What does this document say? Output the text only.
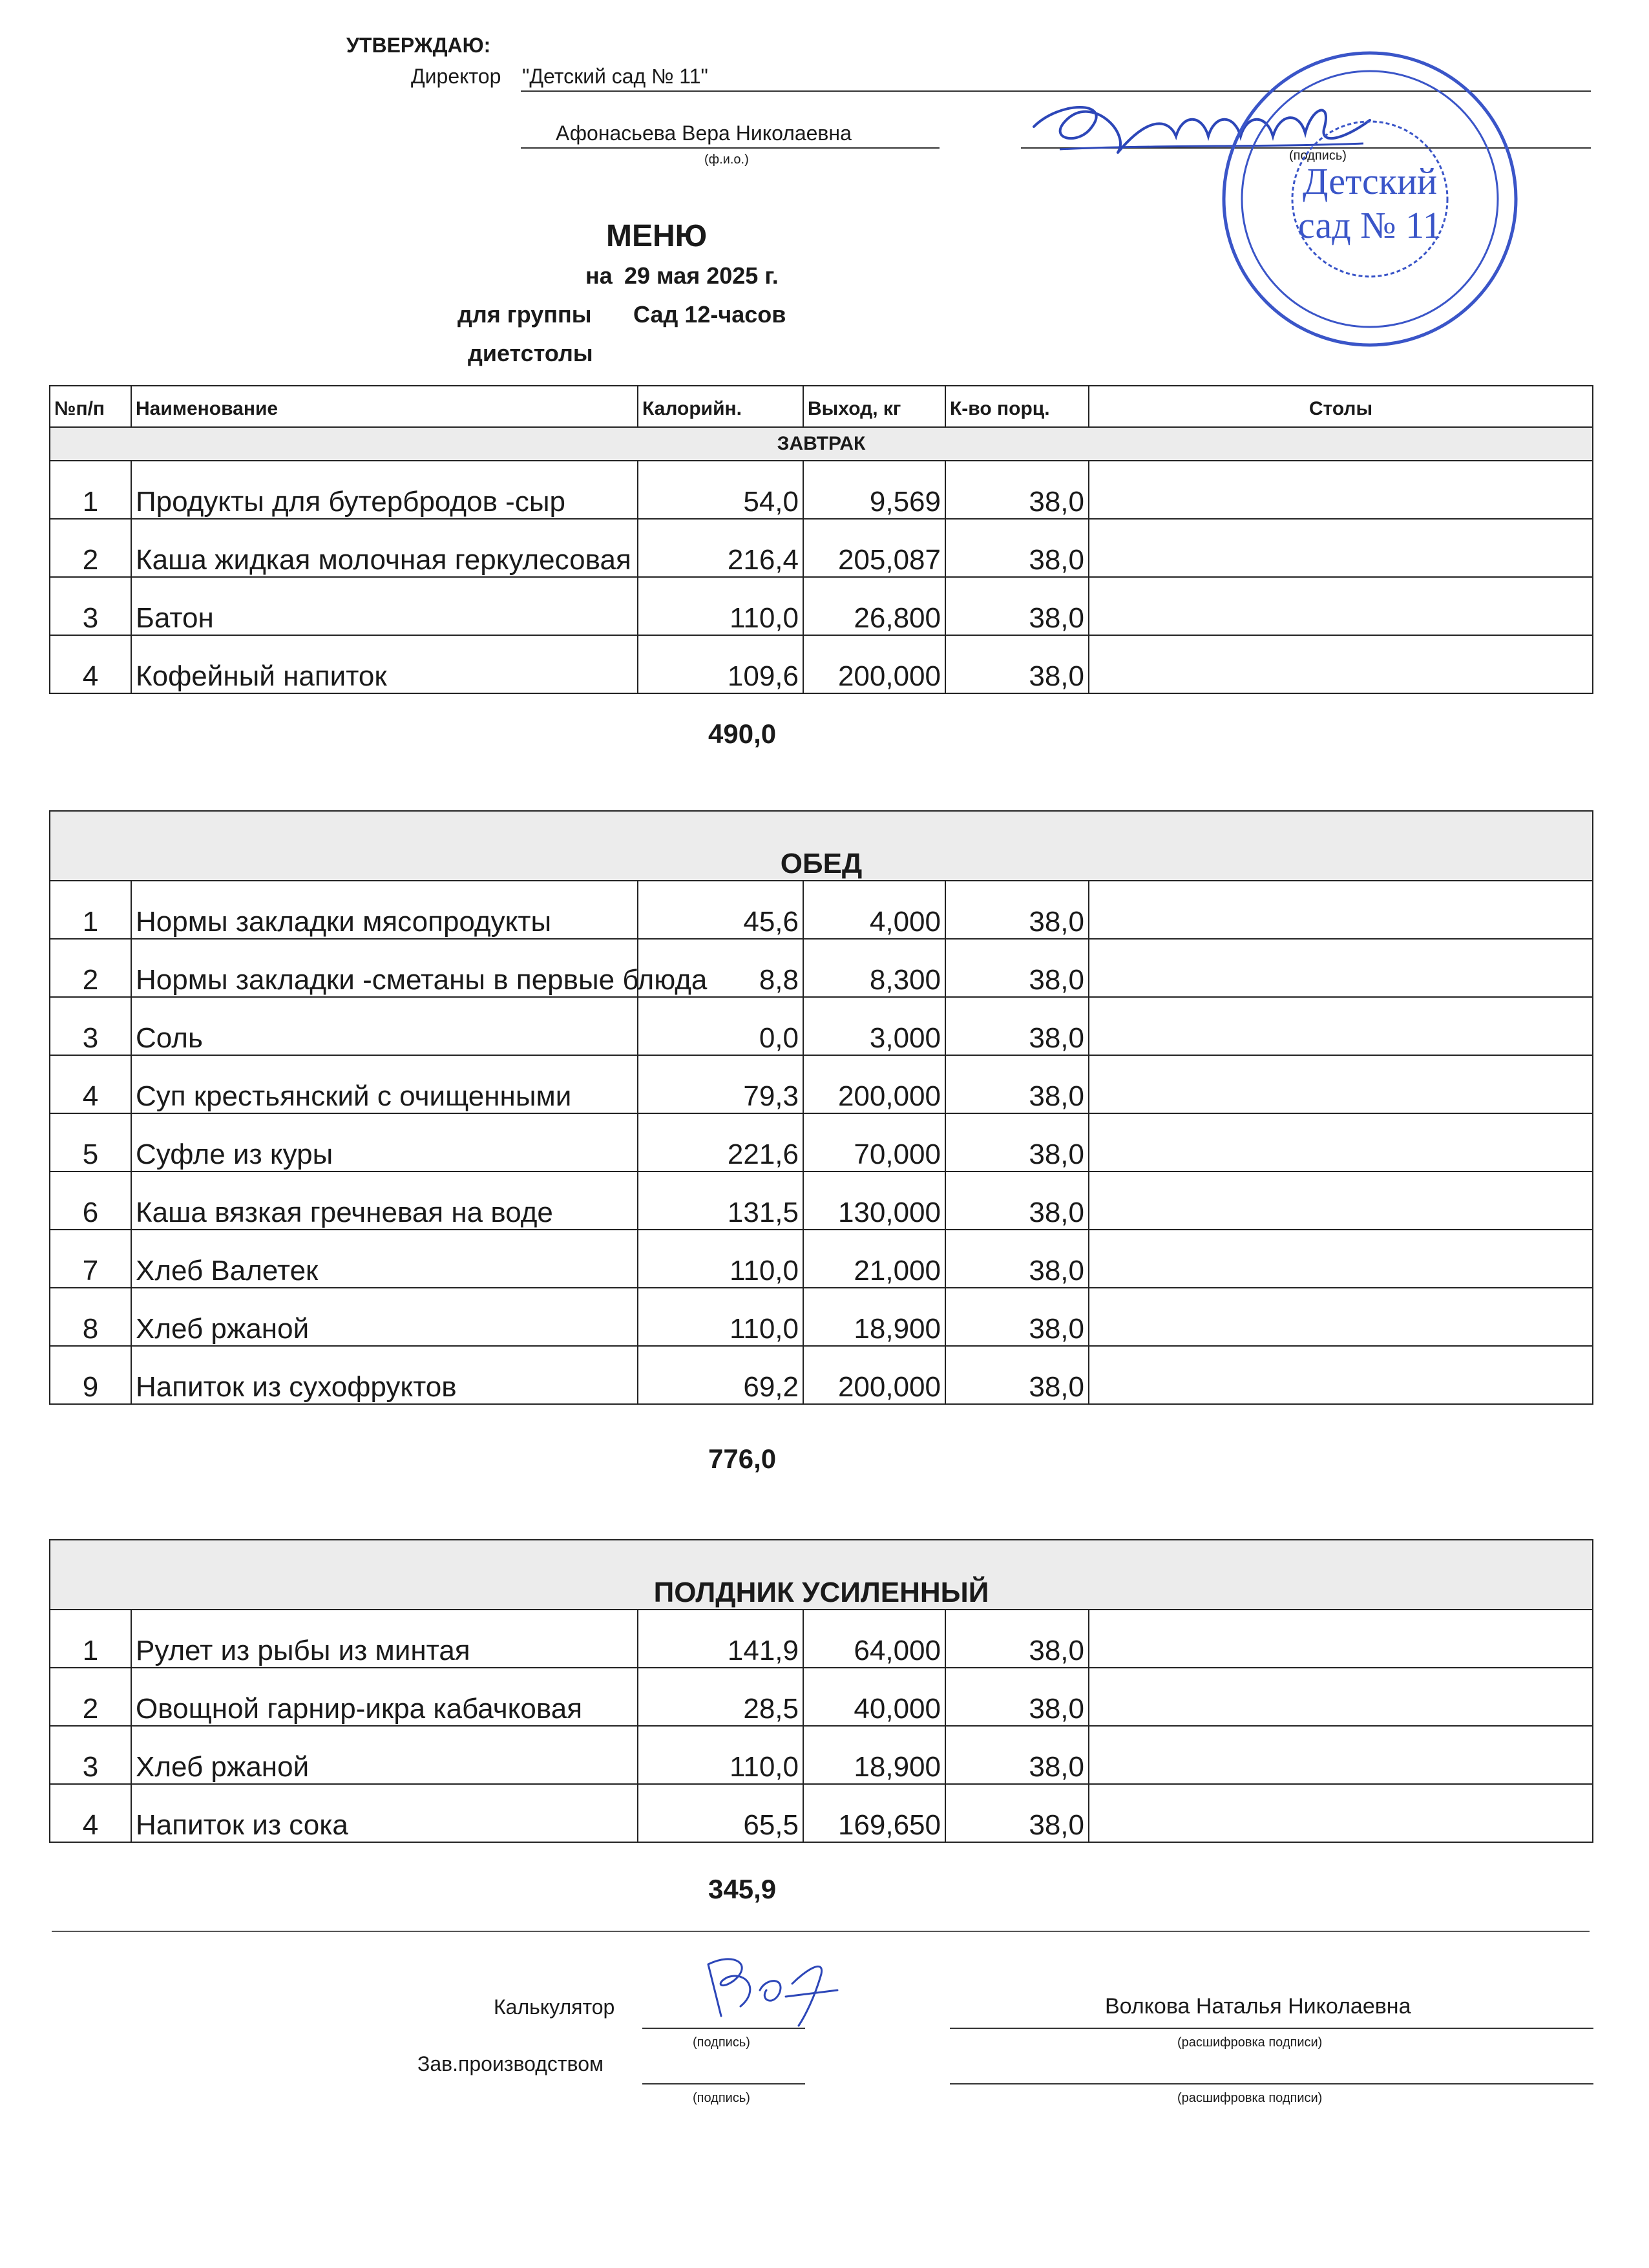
УТВЕРЖДАЮ:
Директор "Детский сад № 11"
Афонасьева Вера Николаевна
(ф.и.о.)	(подпись)
Детский
сад № 11
МЕНЮ
на 29 мая 2025 г.
для группы Сад 12-часов
диетстолы
№п/п	Наименование	Калорийн.	Выход, кг	К-во порц.	Столы
ЗАВТРАК					
1	Продукты для бутербродов -сыр	54,0	9,569	38,0	
2	Каша жидкая молочная геркулесовая	216,4	205,087	38,0	
3	Батон	110,0	26,800	38,0	
4	Кофейный напиток	109,6	200,000	38,0	
490,0
ОБЕД					
1	Нормы закладки мясопродукты	45,6	4,000	38,0	
2	Нормы закладки -сметаны в первые блюда	8,8	8,300	38,0	
3	Соль	0,0	3,000	38,0	
4	Суп крестьянский с очищенными	79,3	200,000	38,0	
5	Суфле из куры	221,6	70,000	38,0	
6	Каша вязкая гречневая на воде	131,5	130,000	38,0	
7	Хлеб Валетек	110,0	21,000	38,0	
8	Хлеб ржаной	110,0	18,900	38,0	
9	Напиток из сухофруктов	69,2	200,000	38,0	
776,0
ПОЛДНИК УСИЛЕННЫЙ					
1	Рулет из рыбы из минтая	141,9	64,000	38,0	
2	Овощной гарнир-икра кабачковая	28,5	40,000	38,0	
3	Хлеб ржаной	110,0	18,900	38,0	
4	Напиток из сока	65,5	169,650	38,0	
345,9
Калькулятор	Волкова Наталья Николаевна
(подпись)	(расшифровка подписи)
Зав.производством
(подпись)	(расшифровка подписи)
